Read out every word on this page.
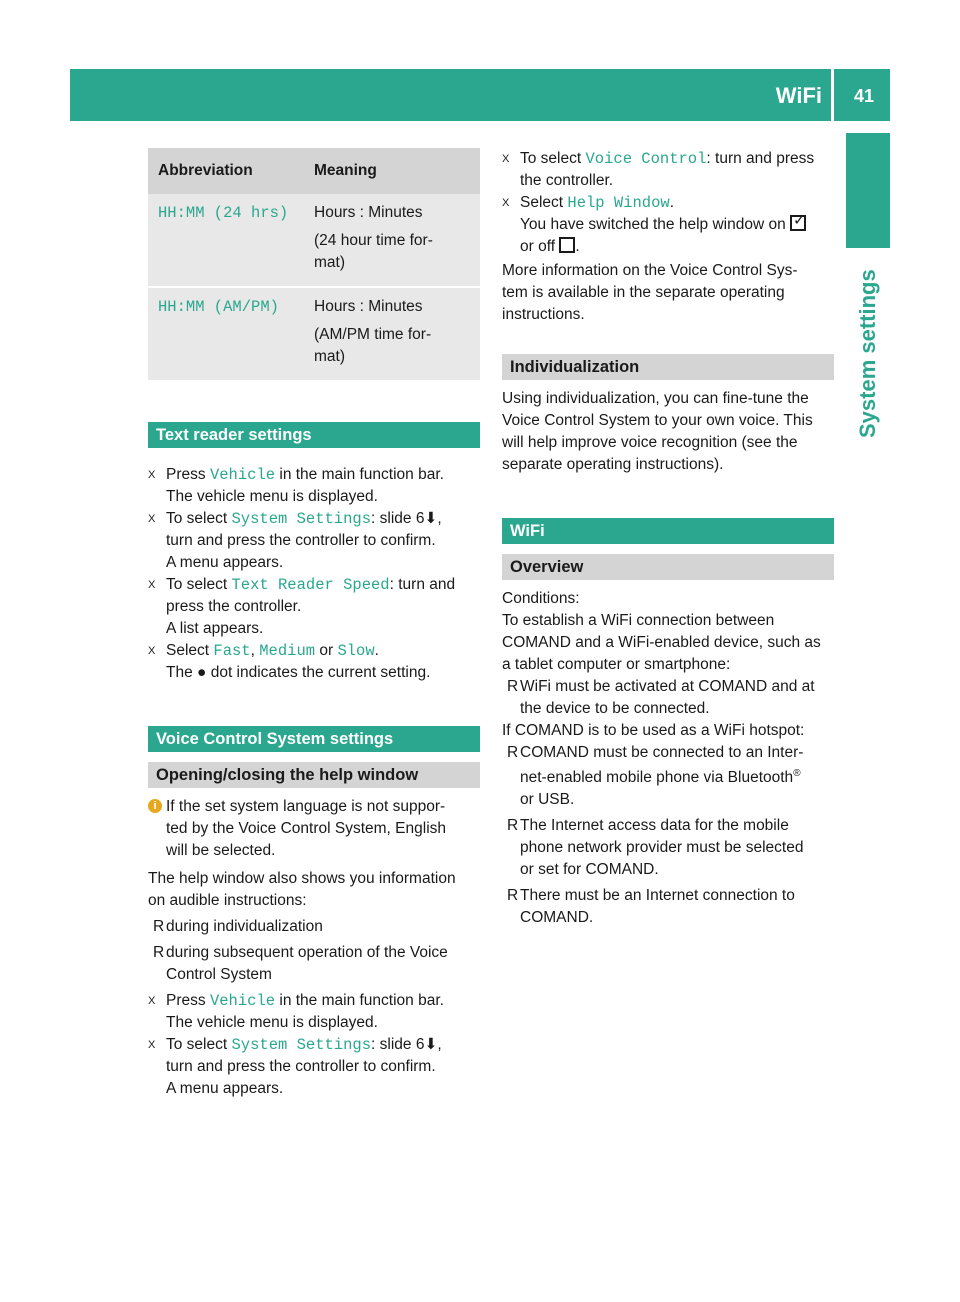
WiFi 41
System settings
Abbreviation	Meaning
HH:MM (24 hrs)	Hours : Minutes

(24 hour time for-
mat)

HH:MM (AM/PM)	Hours : Minutes

(AM/PM time for-
mat)

Text reader settings
X Press Vehicle in the main function bar.

The vehicle menu is displayed.

X To select System Settings: slide 6⬇,

turn and press the controller to confirm.

A menu appears.

X To select Text Reader Speed: turn and

press the controller.

A list appears.

X Select Fast, Medium or Slow.

The ● dot indicates the current setting.

Voice Control System settings
Opening/closing the help window
i If the set system language is not suppor-

ted by the Voice Control System, English

will be selected.

The help window also shows you information

on audible instructions:

R during individualization

R during subsequent operation of the Voice

Control System

X Press Vehicle in the main function bar.

The vehicle menu is displayed.

X To select System Settings: slide 6⬇,

turn and press the controller to confirm.

A menu appears.

X To select Voice Control: turn and press

the controller.

X Select Help Window.

You have switched the help window on ✓

or off .

More information on the Voice Control Sys-

tem is available in the separate operating

instructions.

Individualization

Using individualization, you can fine-tune the

Voice Control System to your own voice. This

will help improve voice recognition (see the

separate operating instructions).

WiFi
Overview

Conditions:

To establish a WiFi connection between

COMAND and a WiFi-enabled device, such as

a tablet computer or smartphone:

R WiFi must be activated at COMAND and at

the device to be connected.

If COMAND is to be used as a WiFi hotspot:

R COMAND must be connected to an Inter-

net-enabled mobile phone via Bluetooth®

or USB.

R The Internet access data for the mobile

phone network provider must be selected

or set for COMAND.

R There must be an Internet connection to

COMAND.
